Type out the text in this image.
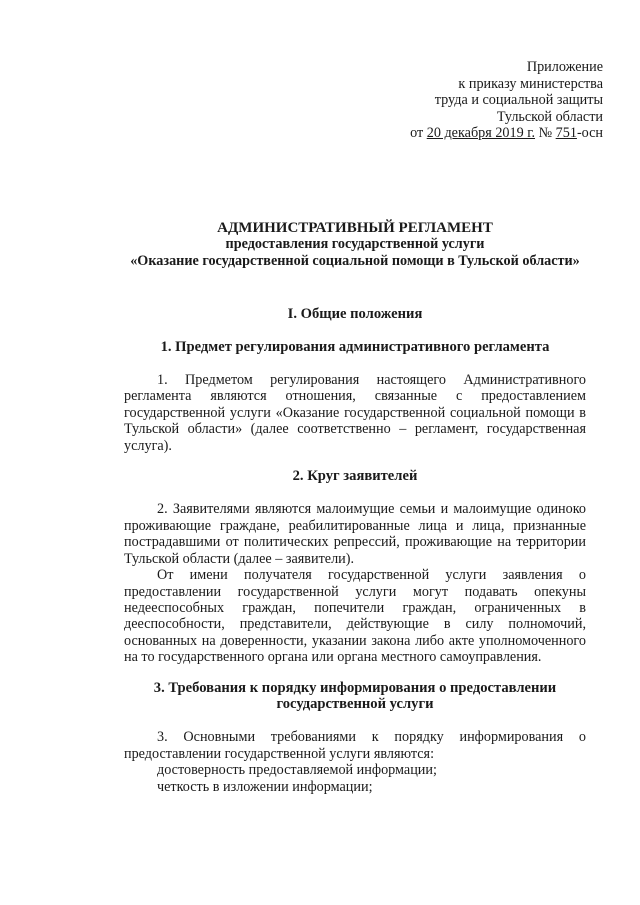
Приложение
к приказу министерства
труда и социальной защиты
Тульской области
от 20 декабря 2019 г. № 751-осн
АДМИНИСТРАТИВНЫЙ РЕГЛАМЕНТ
предоставления государственной услуги
«Оказание государственной социальной помощи в Тульской области»
I. Общие положения
1. Предмет регулирования административного регламента

1. Предметом регулирования настоящего Административного регламента являются отношения, связанные с предоставлением государственной услуги «Оказание государственной социальной помощи в Тульской области» (далее соответственно – регламент, государственная услуга).

2. Круг заявителей

2. Заявителями являются малоимущие семьи и малоимущие одиноко проживающие граждане, реабилитированные лица и лица, признанные пострадавшими от политических репрессий, проживающие на территории Тульской области (далее – заявители).

От имени получателя государственной услуги заявления о предоставлении государственной услуги могут подавать опекуны недееспособных граждан, попечители граждан, ограниченных в дееспособности, представители, действующие в силу полномочий, основанных на доверенности, указании закона либо акте уполномоченного на то государственного органа или органа местного самоуправления.

3. Требования к порядку информирования о предоставлении
государственной услуги

3. Основными требованиями к порядку информирования о предоставлении государственной услуги являются:

достоверность предоставляемой информации;

четкость в изложении информации;
